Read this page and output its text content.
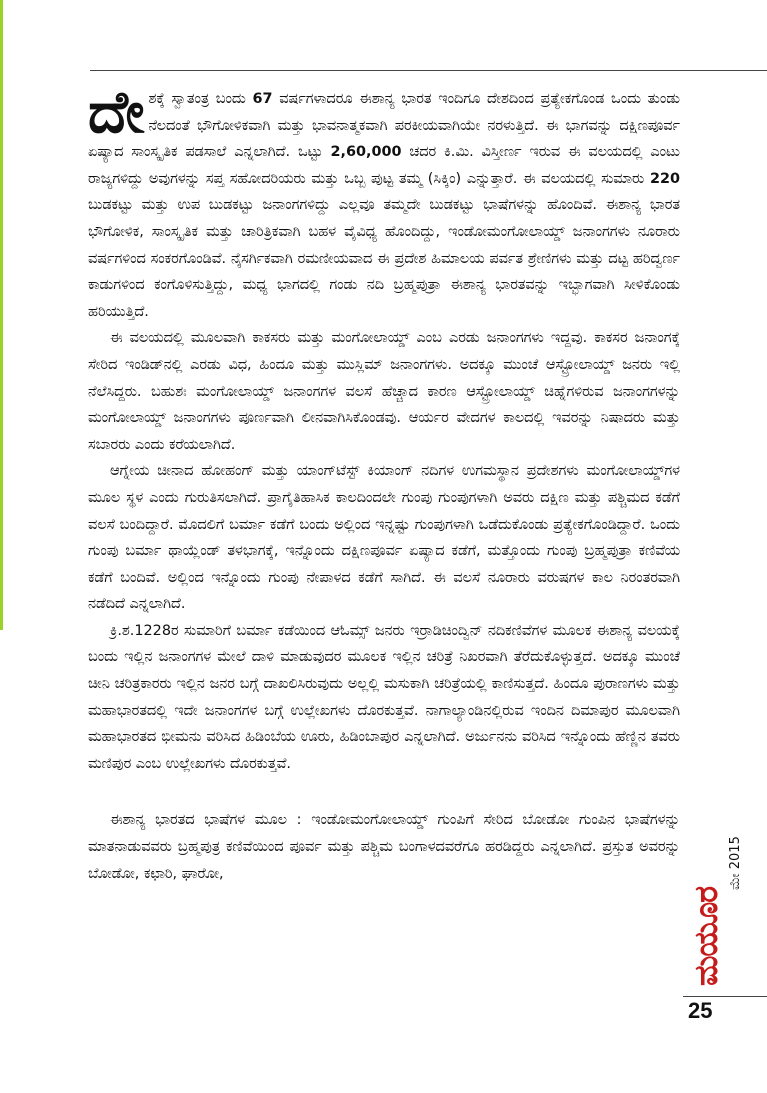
ದೇಶಕ್ಕೆ ಸ್ವಾತಂತ್ರ ಬಂದು 67 ವರ್ಷಗಳಾದರೂ ಈಶಾನ್ಯ ಭಾರತ ಇಂದಿಗೂ ದೇಶದಿಂದ ಪ್ರತ್ಯೇಕಗೊಂಡ ಒಂದು ತುಂಡು ನೆಲದಂತೆ ಭೌಗೋಳಿಕವಾಗಿ ಮತ್ತು ಭಾವನಾತ್ಮಕವಾಗಿ ಪರಕೀಯವಾಗಿಯೇ ನರಳುತ್ತಿದೆ. ಈ ಭಾಗವನ್ನು ದಕ್ಷಿಣಪೂರ್ವ ಏಷ್ಯಾದ ಸಾಂಸ್ಕೃತಿಕ ಪಡಸಾಲೆ ಎನ್ನಲಾಗಿದೆ. ಒಟ್ಟು 2,60,000 ಚದರ ಕಿ.ಮಿ. ವಿಸ್ತೀರ್ಣ ಇರುವ ಈ ವಲಯದಲ್ಲಿ ಎಂಟು ರಾಜ್ಯಗಳಿದ್ದು ಅವುಗಳನ್ನು ಸಪ್ತ ಸಹೋದರಿಯರು ಮತ್ತು ಒಬ್ಬ ಪುಟ್ಟ ತಮ್ಮ (ಸಿಕ್ಕಿಂ) ಎನ್ನುತ್ತಾರೆ. ಈ ವಲಯದಲ್ಲಿ ಸುಮಾರು 220 ಬುಡಕಟ್ಟು ಮತ್ತು ಉಪ ಬುಡಕಟ್ಟು ಜನಾಂಗಗಳಿದ್ದು ಎಲ್ಲವೂ ತಮ್ಮದೇ ಬುಡಕಟ್ಟು ಭಾಷೆಗಳನ್ನು ಹೊಂದಿವೆ. ಈಶಾನ್ಯ ಭಾರತ ಭೌಗೋಳಿಕ, ಸಾಂಸ್ಕೃತಿಕ ಮತ್ತು ಚಾರಿತ್ರಿಕವಾಗಿ ಬಹಳ ವೈವಿಧ್ಯ ಹೊಂದಿದ್ದು, ಇಂಡೋಮಂಗೋಲಾಯ್ಡ್ ಜನಾಂಗಗಳು ನೂರಾರು ವರ್ಷಗಳಿಂದ ಸಂಕರಗೊಂಡಿವೆ. ನೈಸರ್ಗಿಕವಾಗಿ ರಮಣೀಯವಾದ ಈ ಪ್ರದೇಶ ಹಿಮಾಲಯ ಪರ್ವತ ಶ್ರೇಣಿಗಳು ಮತ್ತು ದಟ್ಟ ಹರಿದ್ವರ್ಣ ಕಾಡುಗಳಿಂದ ಕಂಗೊಳಿಸುತ್ತಿದ್ದು, ಮಧ್ಯ ಭಾಗದಲ್ಲಿ ಗಂಡು ನದಿ ಬ್ರಹ್ಮಪುತ್ರಾ ಈಶಾನ್ಯ ಭಾರತವನ್ನು ಇಬ್ಭಾಗವಾಗಿ ಸೀಳಿಕೊಂಡು ಹರಿಯುತ್ತಿದೆ.

ಈ ವಲಯದಲ್ಲಿ ಮೂಲವಾಗಿ ಕಾಕಸರು ಮತ್ತು ಮಂಗೋಲಾಯ್ಡ್ ಎಂಬ ಎರಡು ಜನಾಂಗಗಳು ಇದ್ದವು. ಕಾಕಸರ ಜನಾಂಗಕ್ಕೆ ಸೇರಿದ ಇಂಡಿಡ್‌ನಲ್ಲಿ ಎರಡು ವಿಧ, ಹಿಂದೂ ಮತ್ತು ಮುಸ್ಲಿಮ್ ಜನಾಂಗಗಳು. ಅದಕ್ಕೂ ಮುಂಚೆ ಆಸ್ಟ್ರೋಲಾಯ್ಡ್ ಜನರು ಇಲ್ಲಿ ನೆಲೆಸಿದ್ದರು. ಬಹುಶಃ ಮಂಗೋಲಾಯ್ಡ್ ಜನಾಂಗಗಳ ವಲಸೆ ಹೆಚ್ಚಾದ ಕಾರಣ ಆಸ್ಟ್ರೋಲಾಯ್ಡ್ ಚಿಹ್ನೆಗಳಿರುವ ಜನಾಂಗಗಳನ್ನು ಮಂಗೋಲಾಯ್ಡ್ ಜನಾಂಗಗಳು ಪೂರ್ಣವಾಗಿ ಲೀನವಾಗಿಸಿಕೊಂಡವು. ಆರ್ಯರ ವೇದಗಳ ಕಾಲದಲ್ಲಿ ಇವರನ್ನು ನಿಷಾದರು ಮತ್ತು ಸಬಾರರು ಎಂದು ಕರೆಯಲಾಗಿದೆ.

ಆಗ್ನೇಯ ಚೀನಾದ ಹೋಹಂಗ್ ಮತ್ತು ಯಾಂಗ್‌ಟೆಸ್ಟ್ ಕಿಯಾಂಗ್ ನದಿಗಳ ಉಗಮಸ್ಥಾನ ಪ್ರದೇಶಗಳು ಮಂಗೋಲಾಯ್ಡ್‌ಗಳ ಮೂಲ ಸ್ಥಳ ಎಂದು ಗುರುತಿಸಲಾಗಿದೆ. ಪ್ರಾಗೈತಿಹಾಸಿಕ ಕಾಲದಿಂದಲೇ ಗುಂಪು ಗುಂಪುಗಳಾಗಿ ಅವರು ದಕ್ಷಿಣ ಮತ್ತು ಪಶ್ಚಿಮದ ಕಡೆಗೆ ವಲಸೆ ಬಂದಿದ್ದಾರೆ. ಮೊದಲಿಗೆ ಬರ್ಮಾ ಕಡೆಗೆ ಬಂದು ಅಲ್ಲಿಂದ ಇನ್ನಷ್ಟು ಗುಂಪುಗಳಾಗಿ ಒಡೆದುಕೊಂಡು ಪ್ರತ್ಯೇಕಗೊಂಡಿದ್ದಾರೆ. ಒಂದು ಗುಂಪು ಬರ್ಮಾ ಥಾಯ್ಲೆಂಡ್ ತಳಭಾಗಕ್ಕೆ, ಇನ್ನೊಂದು ದಕ್ಷಿಣಪೂರ್ವ ಏಷ್ಯಾದ ಕಡೆಗೆ, ಮತ್ತೊಂದು ಗುಂಪು ಬ್ರಹ್ಮಪುತ್ರಾ ಕಣಿವೆಯ ಕಡೆಗೆ ಬಂದಿವೆ. ಅಲ್ಲಿಂದ ಇನ್ನೊಂದು ಗುಂಪು ನೇಪಾಳದ ಕಡೆಗೆ ಸಾಗಿದೆ. ಈ ವಲಸೆ ನೂರಾರು ವರುಷಗಳ ಕಾಲ ನಿರಂತರವಾಗಿ ನಡೆದಿದೆ ಎನ್ನಲಾಗಿದೆ.

ಕ್ರಿ.ಶ.1228ರ ಸುಮಾರಿಗೆ ಬರ್ಮಾ ಕಡೆಯಿಂದ ಆಓಮ್ಸ್ ಜನರು ಇರ್ರಾಡಿಚಿಂದ್ವಿನ್ ನದಿಕಣಿವೆಗಳ ಮೂಲಕ ಈಶಾನ್ಯ ವಲಯಕ್ಕೆ ಬಂದು ಇಲ್ಲಿನ ಜನಾಂಗಗಳ ಮೇಲೆ ದಾಳಿ ಮಾಡುವುದರ ಮೂಲಕ ಇಲ್ಲಿನ ಚರಿತ್ರೆ ನಿಖರವಾಗಿ ತೆರೆದುಕೊಳ್ಳುತ್ತದೆ. ಅದಕ್ಕೂ ಮುಂಚೆ ಚೀನಿ ಚರಿತ್ರಕಾರರು ಇಲ್ಲಿನ ಜನರ ಬಗ್ಗೆ ದಾಖಲಿಸಿರುವುದು ಅಲ್ಲಲ್ಲಿ ಮಸುಕಾಗಿ ಚರಿತ್ರೆಯಲ್ಲಿ ಕಾಣಿಸುತ್ತದೆ. ಹಿಂದೂ ಪುರಾಣಗಳು ಮತ್ತು ಮಹಾಭಾರತದಲ್ಲಿ ಇದೇ ಜನಾಂಗಗಳ ಬಗ್ಗೆ ಉಲ್ಲೇಖಗಳು ದೊರಕುತ್ತವೆ. ನಾಗಾಲ್ಯಾಂಡಿನಲ್ಲಿರುವ ಇಂದಿನ ದಿಮಾಪುರ ಮೂಲವಾಗಿ ಮಹಾಭಾರತದ ಭೀಮನು ವರಿಸಿದ ಹಿಡಿಂಬೆಯ ಊರು, ಹಿಡಿಂಬಾಪುರ ಎನ್ನಲಾಗಿದೆ. ಅರ್ಜುನನು ವರಿಸಿದ ಇನ್ನೊಂದು ಹೆಣ್ಣಿನ ತವರು ಮಣಿಪುರ ಎಂಬ ಉಲ್ಲೇಖಗಳು ದೊರಕುತ್ತವೆ.

ಈಶಾನ್ಯ ಭಾರತದ ಭಾಷೆಗಳ ಮೂಲ : ಇಂಡೋಮಂಗೋಲಾಯ್ಡ್ ಗುಂಪಿಗೆ ಸೇರಿದ ಬೋಡೋ ಗುಂಪಿನ ಭಾಷೆಗಳನ್ನು ಮಾತನಾಡುವವರು ಬ್ರಹ್ಮಪುತ್ರ ಕಣಿವೆಯಿಂದ ಪೂರ್ವ ಮತ್ತು ಪಶ್ಚಿಮ ಬಂಗಾಳದವರೆಗೂ ಹರಡಿದ್ದರು ಎನ್ನಲಾಗಿದೆ. ಪ್ರಸ್ತುತ ಅವರನ್ನು ಬೋಡೋ, ಕಛಾರಿ, ಘಾರೋ,	ಮೇ 2015
ಮಯೂರ
25
